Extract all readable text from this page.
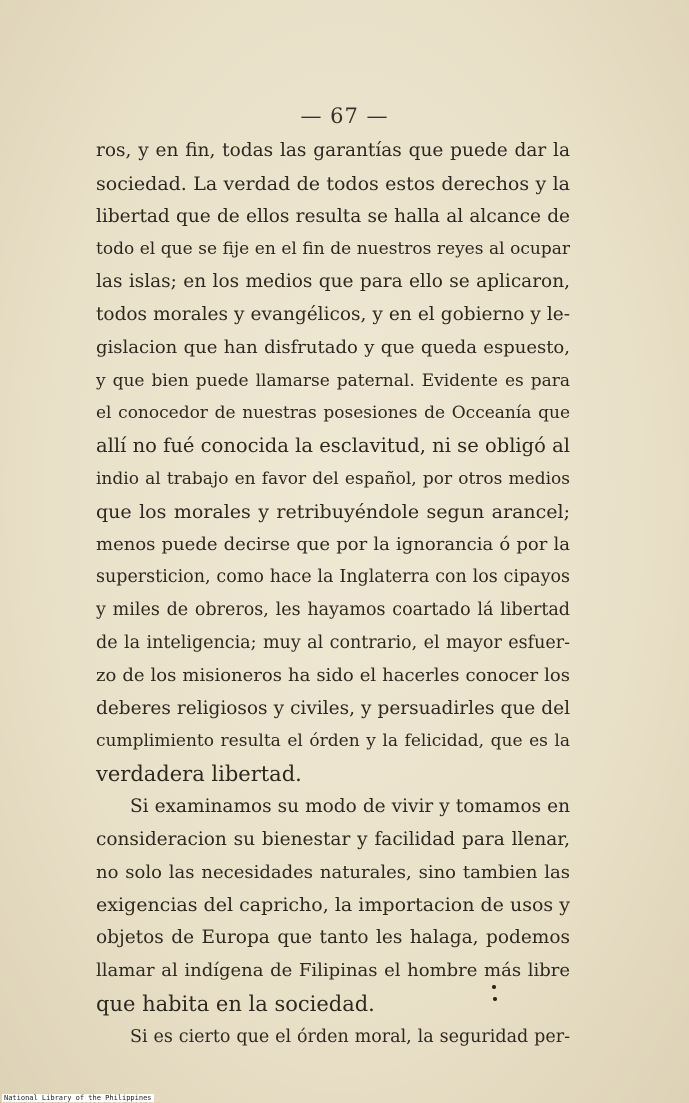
— 67 —
ros, y en fin, todas las garantías que puede dar la
sociedad. La verdad de todos estos derechos y la
libertad que de ellos resulta se halla al alcance de
todo el que se fije en el fin de nuestros reyes al ocupar
las islas; en los medios que para ello se aplicaron,
todos morales y evangélicos, y en el gobierno y le-
gislacion que han disfrutado y que queda espuesto,
y que bien puede llamarse paternal. Evidente es para
el conocedor de nuestras posesiones de Occeanía que
allí no fué conocida la esclavitud, ni se obligó al
indio al trabajo en favor del español, por otros medios
que los morales y retribuyéndole segun arancel;
menos puede decirse que por la ignorancia ó por la
supersticion, como hace la Inglaterra con los cipayos
y miles de obreros, les hayamos coartado lá libertad
de la inteligencia; muy al contrario, el mayor esfuer-
zo de los misioneros ha sido el hacerles conocer los
deberes religiosos y civiles, y persuadirles que del
cumplimiento resulta el órden y la felicidad, que es la
verdadera libertad.
Si examinamos su modo de vivir y tomamos en
consideracion su bienestar y facilidad para llenar,
no solo las necesidades naturales, sino tambien las
exigencias del capricho, la importacion de usos y
objetos de Europa que tanto les halaga, podemos
llamar al indígena de Filipinas el hombre más libre
que habita en la sociedad.
Si es cierto que el órden moral, la seguridad per-
National Library of the Philippines
